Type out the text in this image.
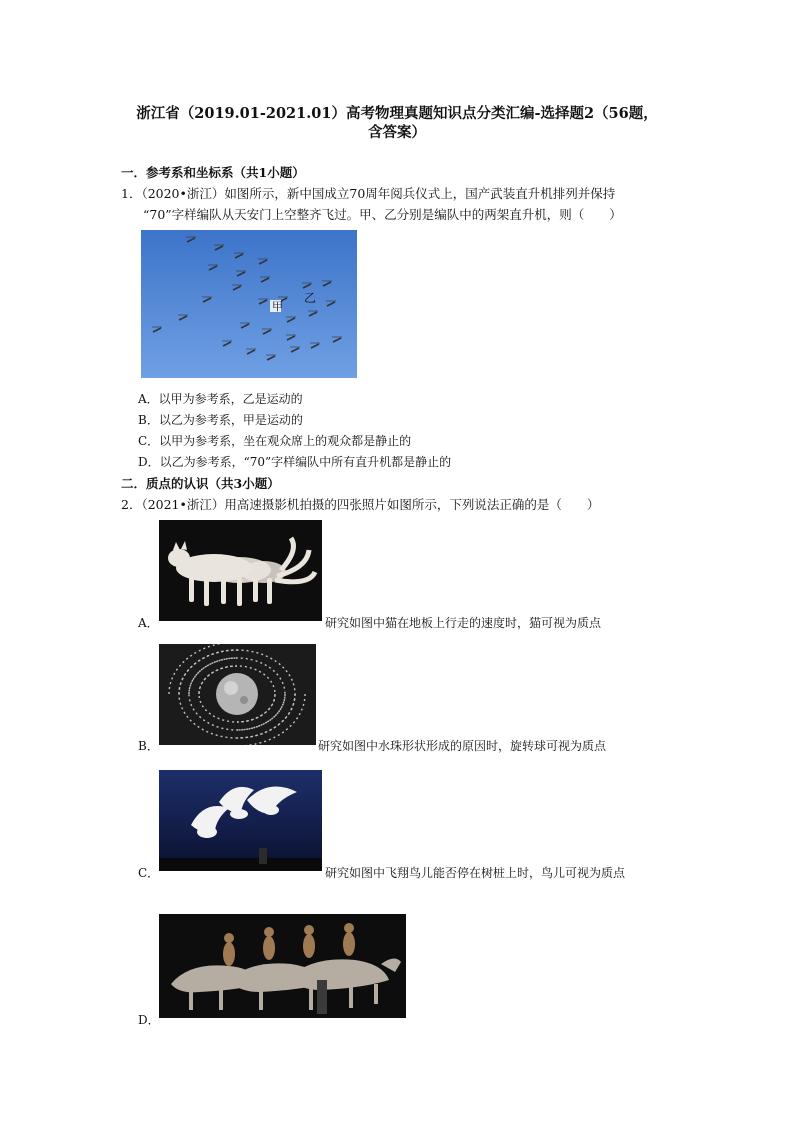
浙江省（2019.01-2021.01）高考物理真题知识点分类汇编-选择题2（56题，
含答案）
一．参考系和坐标系（共1小题）
1．（2020•浙江）如图所示，新中国成立70周年阅兵仪式上，国产武装直升机排列并保持
“70”字样编队从天安门上空整齐飞过。甲、乙分别是编队中的两架直升机，则（　　）
甲
乙
A．以甲为参考系，乙是运动的
B．以乙为参考系，甲是运动的
C．以甲为参考系，坐在观众席上的观众都是静止的
D．以乙为参考系，“70”字样编队中所有直升机都是静止的
二．质点的认识（共3小题）
2．（2021•浙江）用高速摄影机拍摄的四张照片如图所示，下列说法正确的是（　　）
A．	研究如图中猫在地板上行走的速度时，猫可视为质点
B．	研究如图中水珠形状形成的原因时，旋转球可视为质点
C．	研究如图中飞翔鸟儿能否停在树桩上时，鸟儿可视为质点
D．
